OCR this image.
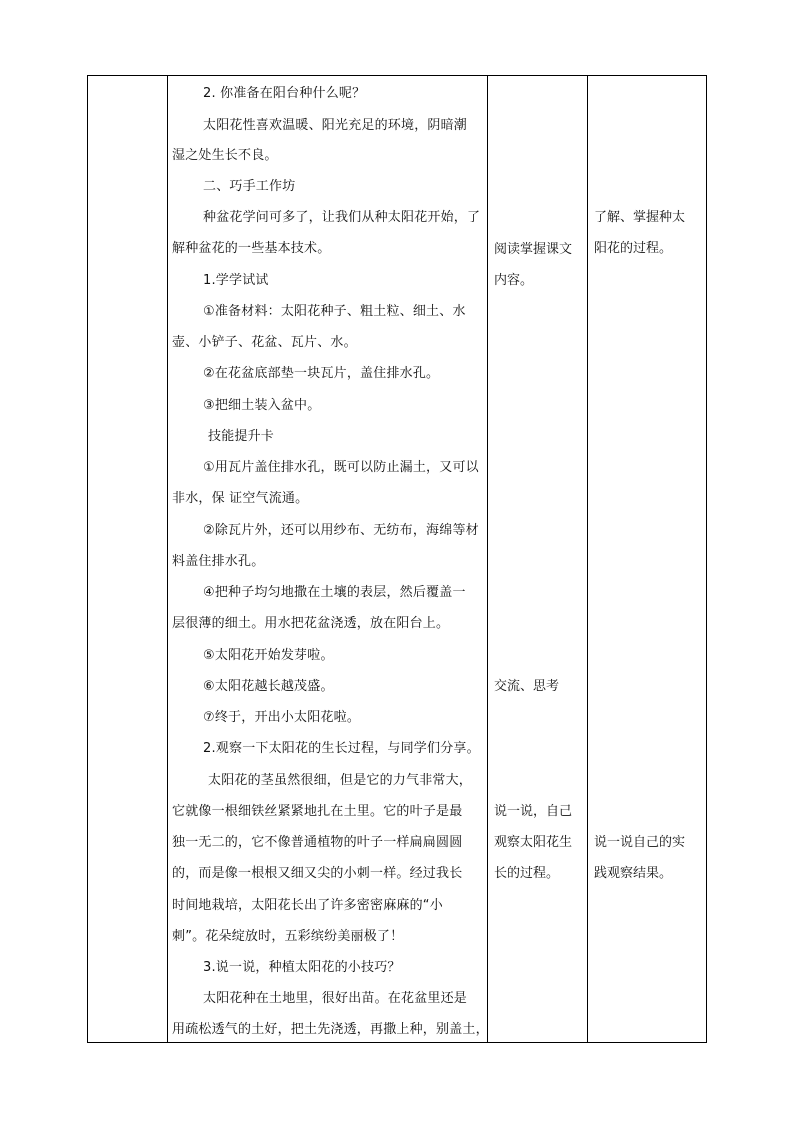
2. 你准备在阳台种什么呢？
太阳花性喜欢温暖、阳光充足的环境，阴暗潮
湿之处生长不良。
二、巧手工作坊
种盆花学问可多了，让我们从种太阳花开始，了
解种盆花的一些基本技术。
1.学学试试
①准备材料：太阳花种子、粗土粒、细土、水
壶、小铲子、花盆、瓦片、水。
②在花盆底部垫一块瓦片，盖住排水孔。
③把细土装入盆中。
技能提升卡
①用瓦片盖住排水孔，既可以防止漏土，又可以
非水，保 证空气流通。
②除瓦片外，还可以用纱布、无纺布，海绵等材
料盖住排水孔。
④把种子均匀地撒在土壤的表层，然后覆盖一
层很薄的细土。用水把花盆浇透，放在阳台上。
⑤太阳花开始发芽啦。
⑥太阳花越长越茂盛。
⑦终于，开出小太阳花啦。
2.观察一下太阳花的生长过程，与同学们分享。
太阳花的茎虽然很细，但是它的力气非常大，
它就像一根细铁丝紧紧地扎在土里。它的叶子是最
独一无二的，它不像普通植物的叶子一样扁扁圆圆
的，而是像一根根又细又尖的小刺一样。经过我长
时间地栽培，太阳花长出了许多密密麻麻的“小
刺”。花朵绽放时，五彩缤纷美丽极了！
3.说一说，种植太阳花的小技巧？
太阳花种在土地里，很好出苗。在花盆里还是
用疏松透气的土好，把土先浇透，再撒上种，别盖土，
阅读掌握课文
内容。
交流、思考
说一说，自己
观察太阳花生
长的过程。
了解、掌握种太
阳花的过程。
说一说自己的实
践观察结果。
